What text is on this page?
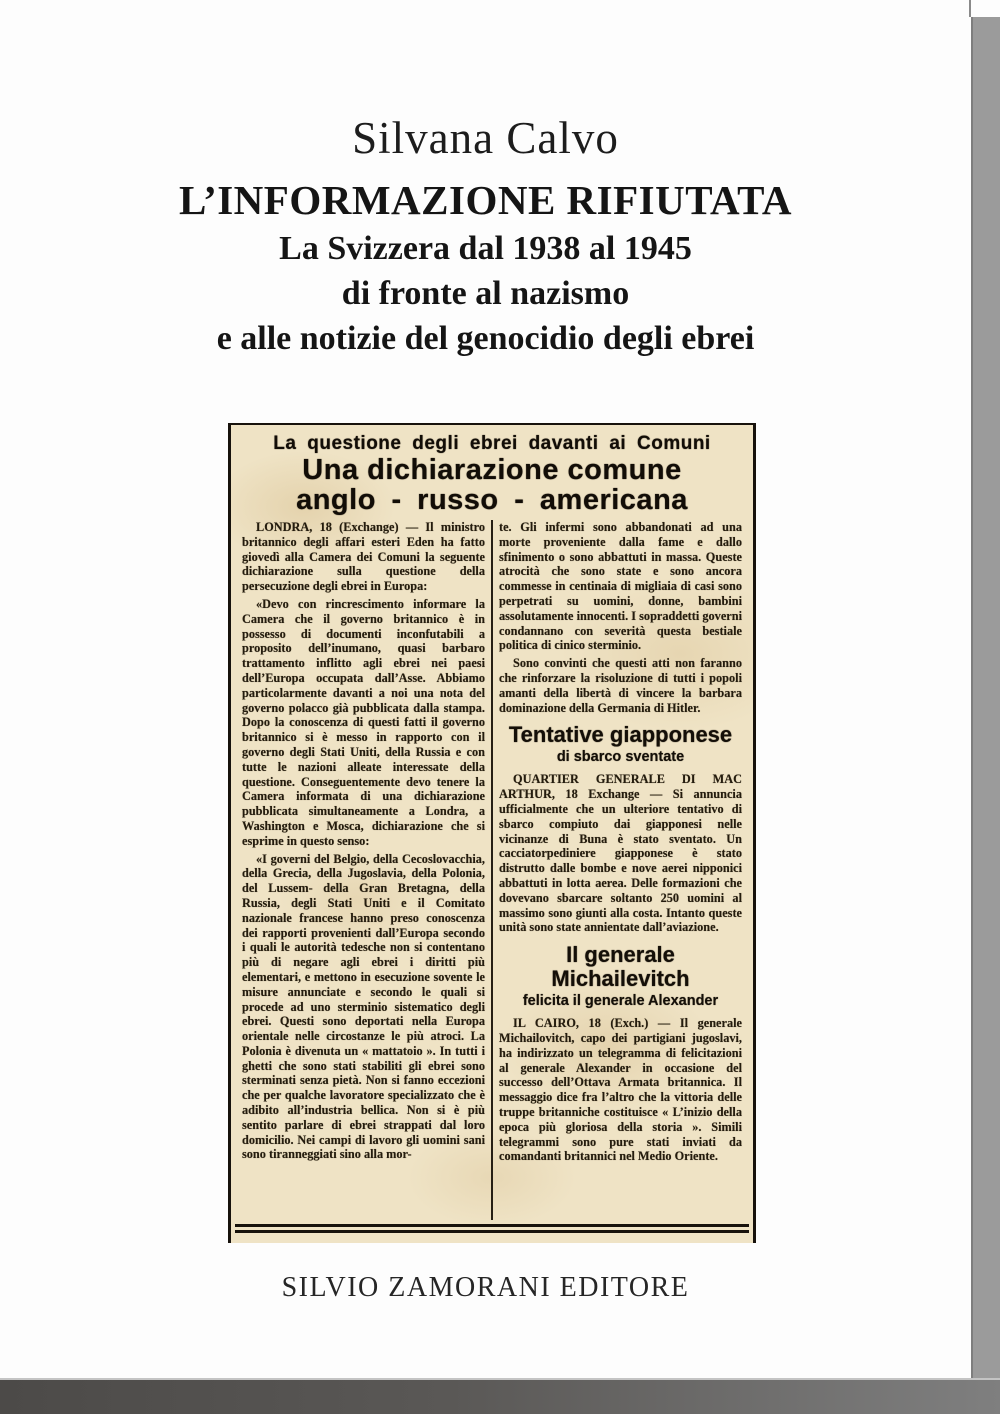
Silvana Calvo
L’INFORMAZIONE RIFIUTATA
La Svizzera dal 1938 al 1945
di fronte al nazismo
e alle notizie del genocidio degli ebrei
La questione degli ebrei davanti ai Comuni
Una dichiarazione comune
anglo - russo - americana

LONDRA, 18 (Exchange) — Il ministro britannico degli affari esteri Eden ha fatto giovedì alla Camera dei Comuni la seguente dichiarazione sulla questione della persecuzione degli ebrei in Europa:

«Devo con rincrescimento informare la Camera che il governo britannico è in possesso di documenti inconfutabili a proposito dell’inumano, quasi barbaro trattamento inflitto agli ebrei nei paesi dell’Europa occupata dall’Asse. Abbiamo particolarmente davanti a noi una nota del governo polacco già pubblicata dalla stampa. Dopo la conoscenza di questi fatti il governo britannico si è messo in rapporto con il governo degli Stati Uniti, della Russia e con tutte le nazioni alleate interessate della questione. Conseguentemente devo tenere la Camera informata di una dichiarazione pubblicata simultaneamente a Londra, a Washington e Mosca, dichiarazione che si esprime in questo senso:

«I governi del Belgio, della Cecoslovacchia, della Grecia, della Jugoslavia, della Polonia, del Lussem- della Gran Bretagna, della Russia, degli Stati Uniti e il Comitato nazionale francese hanno preso conoscenza dei rapporti provenienti dall’Europa secondo i quali le autorità tedesche non si contentano più di negare agli ebrei i diritti più elementari, e mettono in esecuzione sovente le misure annunciate e secondo le quali si procede ad uno sterminio sistematico degli ebrei. Questi sono deportati nella Europa orientale nelle circostanze le più atroci. La Polonia è divenuta un « mattatoio ». In tutti i ghetti che sono stati stabiliti gli ebrei sono sterminati senza pietà. Non si fanno eccezioni che per qualche lavoratore specializzato che è adibito all’industria bellica. Non si è più sentito parlare di ebrei strappati dal loro domicilio. Nei campi di lavoro gli uomini sani sono tiranneggiati sino alla mor-

te. Gli infermi sono abbandonati ad una morte proveniente dalla fame e dallo sfinimento o sono abbattuti in massa. Queste atrocità che sono state e sono ancora commesse in centinaia di migliaia di casi sono perpetrati su uomini, donne, bambini assolutamente innocenti. I sopraddetti governi condannano con severità questa bestiale politica di cinico sterminio.

Sono convinti che questi atti non faranno che rinforzare la risoluzione di tutti i popoli amanti della libertà di vincere la barbara dominazione della Germania di Hitler.

Tentative giapponese
di sbarco sventate

QUARTIER GENERALE DI MAC ARTHUR, 18 Exchange — Si annuncia ufficialmente che un ulteriore tentativo di sbarco compiuto dai giapponesi nelle vicinanze di Buna è stato sventato. Un cacciatorpediniere giapponese è stato distrutto dalle bombe e nove aerei nipponici abbattuti in lotta aerea. Delle formazioni che dovevano sbarcare soltanto 250 uomini al massimo sono giunti alla costa. Intanto queste unità sono state annientate dall’aviazione.

Il generale Michailevitch
felicita il generale Alexander

IL CAIRO, 18 (Exch.) — Il generale Michailovitch, capo dei partigiani jugoslavi, ha indirizzato un telegramma di felicitazioni al generale Alexander in occasione del successo dell’Ottava Armata britannica. Il messaggio dice fra l’altro che la vittoria delle truppe britanniche costituisce « L’inizio della epoca più gloriosa della storia ». Simili telegrammi sono pure stati inviati da comandanti britannici nel Medio Oriente.

SILVIO ZAMORANI EDITORE
